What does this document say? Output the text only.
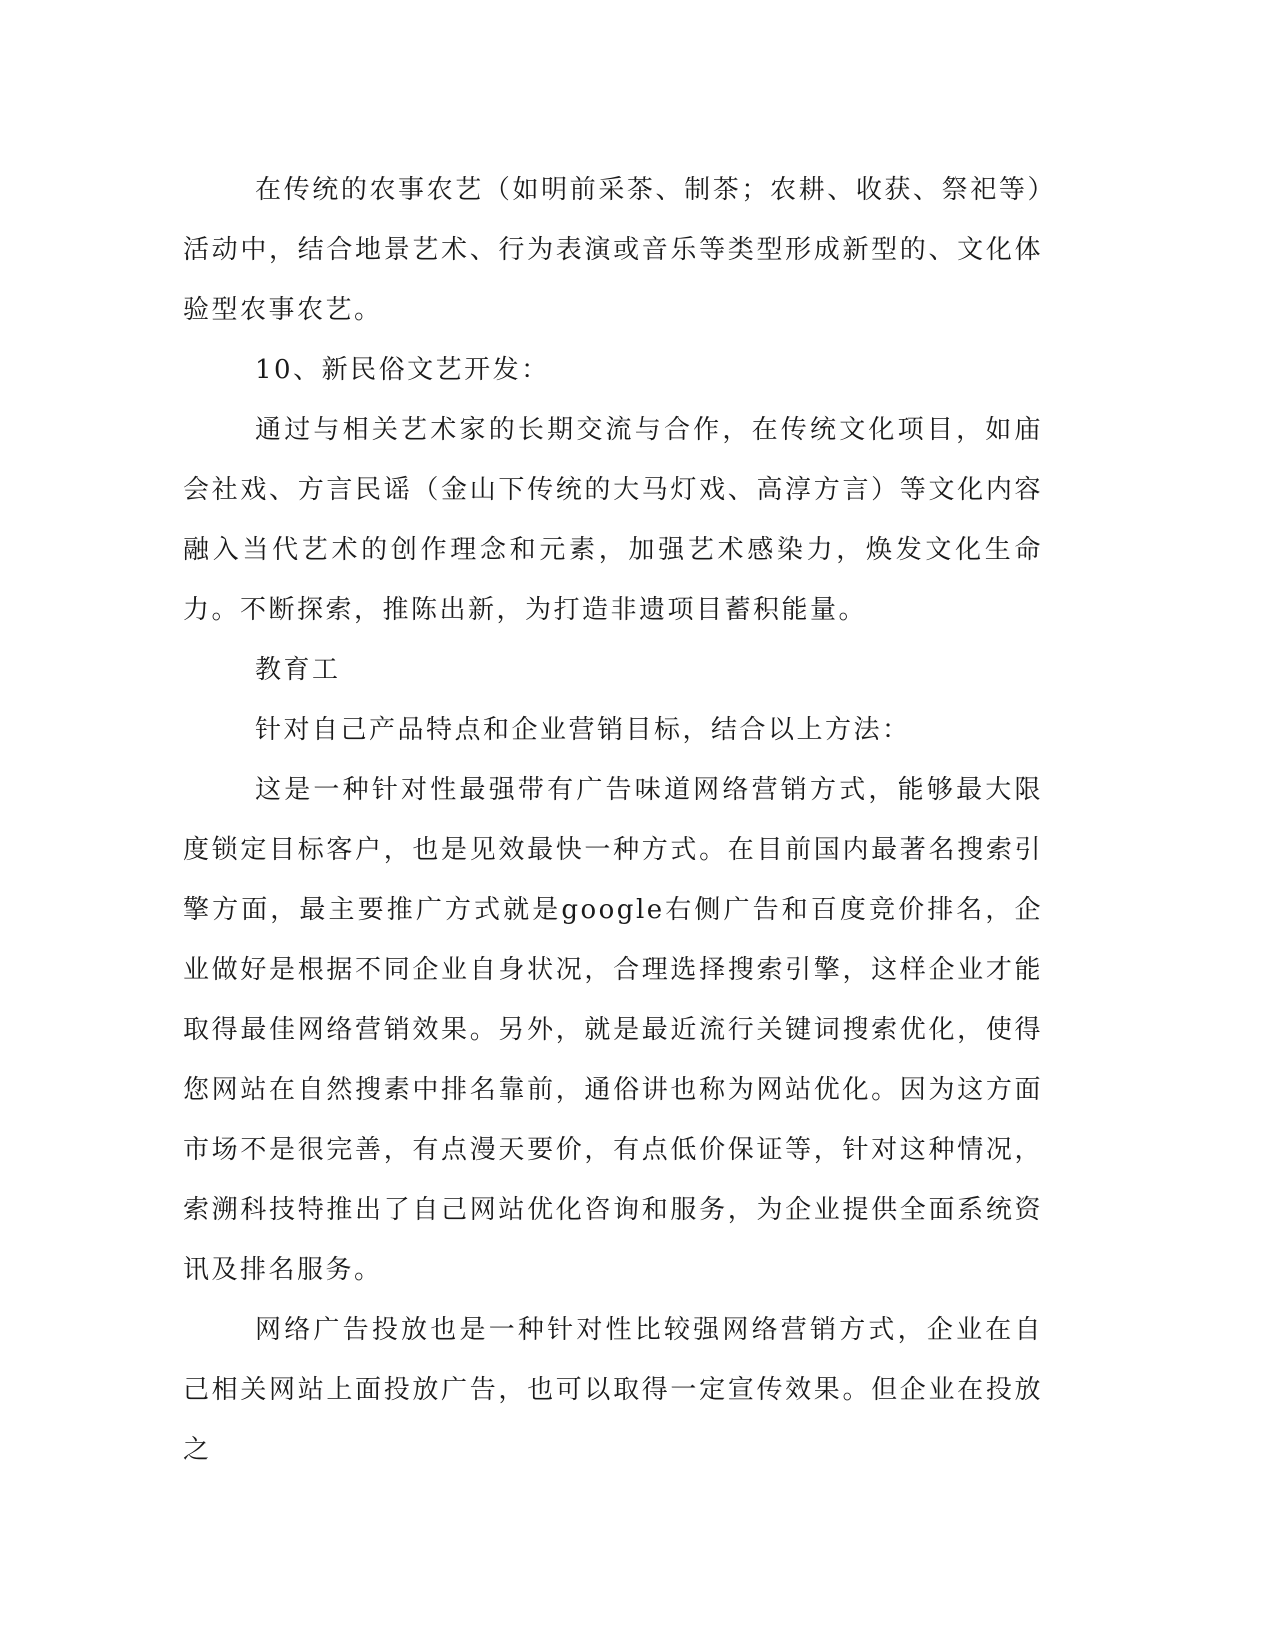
在传统的农事农艺（如明前采茶、制茶；农耕、收获、祭祀等）活动中，结合地景艺术、行为表演或音乐等类型形成新型的、文化体验型农事农艺。

10、新民俗文艺开发：

通过与相关艺术家的长期交流与合作，在传统文化项目，如庙会社戏、方言民谣（金山下传统的大马灯戏、高淳方言）等文化内容融入当代艺术的创作理念和元素，加强艺术感染力，焕发文化生命力。不断探索，推陈出新，为打造非遗项目蓄积能量。

教育工

针对自己产品特点和企业营销目标，结合以上方法：

这是一种针对性最强带有广告味道网络营销方式，能够最大限度锁定目标客户，也是见效最快一种方式。在目前国内最著名搜索引擎方面，最主要推广方式就是google右侧广告和百度竞价排名，企业做好是根据不同企业自身状况，合理选择搜索引擎，这样企业才能取得最佳网络营销效果。另外，就是最近流行关键词搜索优化，使得您网站在自然搜素中排名靠前，通俗讲也称为网站优化。因为这方面市场不是很完善，有点漫天要价，有点低价保证等，针对这种情况，索溯科技特推出了自己网站优化咨询和服务，为企业提供全面系统资讯及排名服务。

网络广告投放也是一种针对性比较强网络营销方式，企业在自己相关网站上面投放广告，也可以取得一定宣传效果。但企业在投放之
